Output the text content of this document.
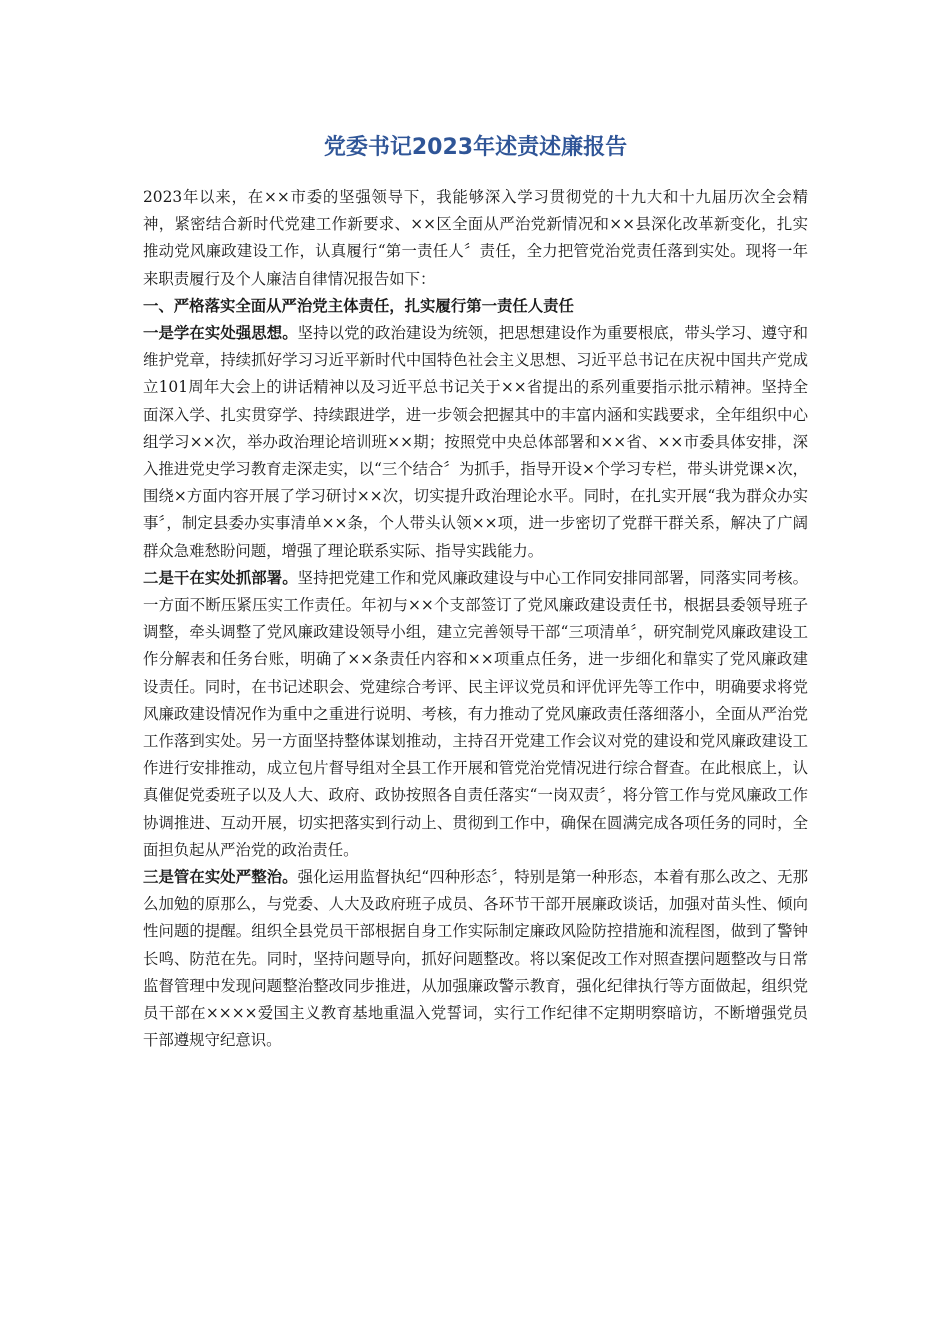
党委书记2023年述责述廉报告

2023年以来，在××市委的坚强领导下，我能够深入学习贯彻党的十九大和十九届历次全会精神，紧密结合新时代党建工作新要求、××区全面从严治党新情况和××县深化改革新变化，扎实推动党风廉政建设工作，认真履行“第一责任人〞责任，全力把管党治党责任落到实处。现将一年来职责履行及个人廉洁自律情况报告如下：

一、严格落实全面从严治党主体责任，扎实履行第一责任人责任

一是学在实处强思想。坚持以党的政治建设为统领，把思想建设作为重要根底，带头学习、遵守和维护党章，持续抓好学习习近平新时代中国特色社会主义思想、习近平总书记在庆祝中国共产党成立101周年大会上的讲话精神以及习近平总书记关于××省提出的系列重要指示批示精神。坚持全面深入学、扎实贯穿学、持续跟进学，进一步领会把握其中的丰富内涵和实践要求，全年组织中心组学习××次，举办政治理论培训班××期；按照党中央总体部署和××省、××市委具体安排，深入推进党史学习教育走深走实，以“三个结合〞为抓手，指导开设×个学习专栏，带头讲党课×次，围绕×方面内容开展了学习研讨××次，切实提升政治理论水平。同时，在扎实开展“我为群众办实事〞，制定县委办实事清单××条，个人带头认领××项，进一步密切了党群干群关系，解决了广阔群众急难愁盼问题，增强了理论联系实际、指导实践能力。

二是干在实处抓部署。坚持把党建工作和党风廉政建设与中心工作同安排同部署，同落实同考核。一方面不断压紧压实工作责任。年初与××个支部签订了党风廉政建设责任书，根据县委领导班子调整，牵头调整了党风廉政建设领导小组，建立完善领导干部“三项清单〞，研究制党风廉政建设工作分解表和任务台账，明确了××条责任内容和××项重点任务，进一步细化和靠实了党风廉政建设责任。同时，在书记述职会、党建综合考评、民主评议党员和评优评先等工作中，明确要求将党风廉政建设情况作为重中之重进行说明、考核，有力推动了党风廉政责任落细落小，全面从严治党工作落到实处。另一方面坚持整体谋划推动，主持召开党建工作会议对党的建设和党风廉政建设工作进行安排推动，成立包片督导组对全县工作开展和管党治党情况进行综合督查。在此根底上，认真催促党委班子以及人大、政府、政协按照各自责任落实“一岗双责〞，将分管工作与党风廉政工作协调推进、互动开展，切实把落实到行动上、贯彻到工作中，确保在圆满完成各项任务的同时，全面担负起从严治党的政治责任。

三是管在实处严整治。强化运用监督执纪“四种形态〞，特别是第一种形态，本着有那么改之、无那么加勉的原那么，与党委、人大及政府班子成员、各环节干部开展廉政谈话，加强对苗头性、倾向性问题的提醒。组织全县党员干部根据自身工作实际制定廉政风险防控措施和流程图，做到了警钟长鸣、防范在先。同时，坚持问题导向，抓好问题整改。将以案促改工作对照查摆问题整改与日常监督管理中发现问题整治整改同步推进，从加强廉政警示教育，强化纪律执行等方面做起，组织党员干部在××××爱国主义教育基地重温入党誓词，实行工作纪律不定期明察暗访，不断增强党员干部遵规守纪意识。
